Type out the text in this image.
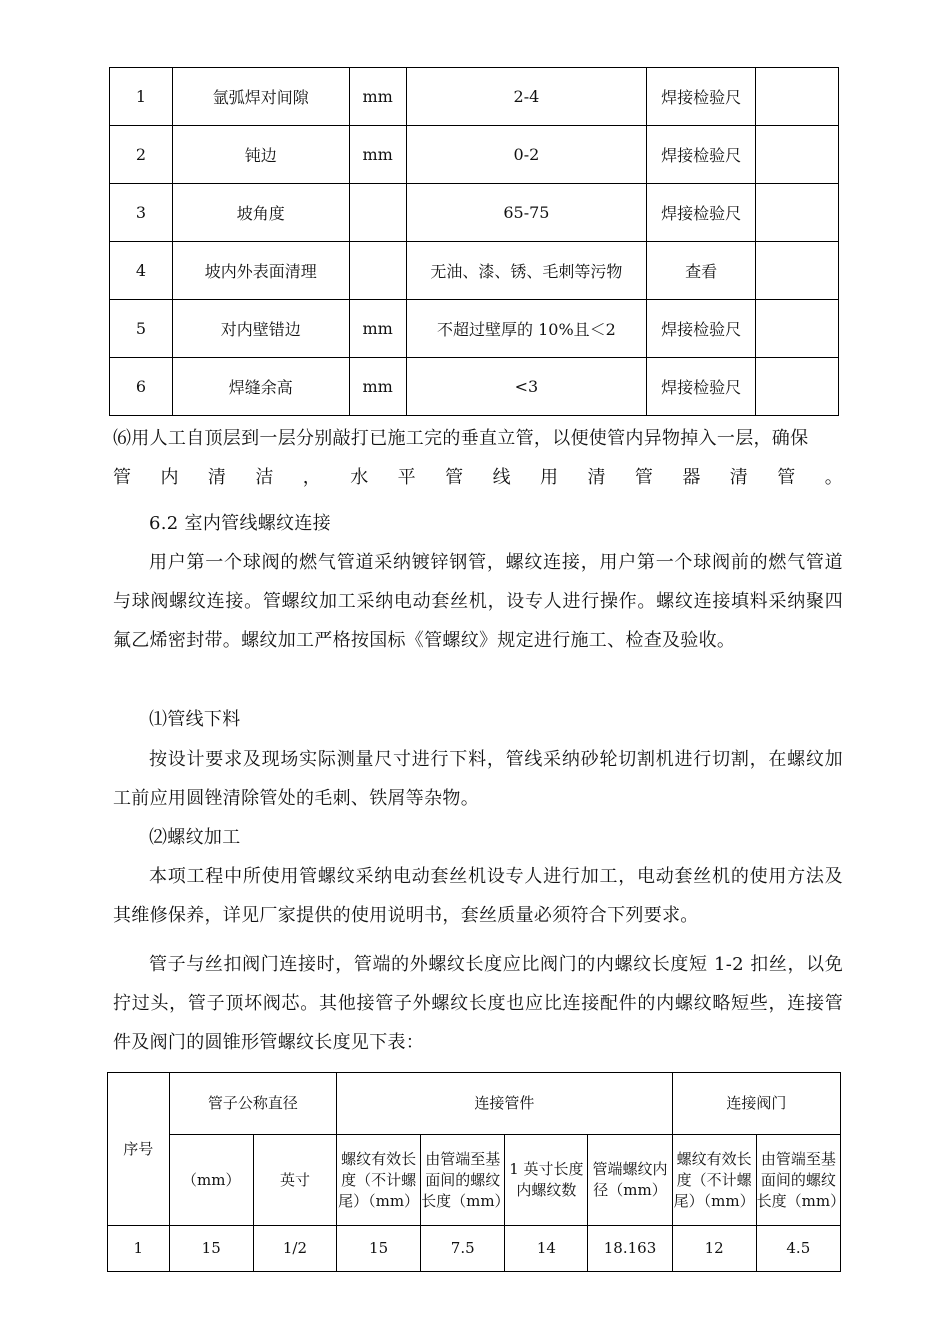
1	氩弧焊对间隙	mm	2-4	焊接检验尺	
2	钝边	mm	0-2	焊接检验尺	
3	坡角度		65-75	焊接检验尺	
4	坡内外表面清理		无油、漆、锈、毛刺等污物	查看	
5	对内壁错边	mm	不超过壁厚的 10%且＜2	焊接检验尺	
6	焊缝余高	mm	<3	焊接检验尺	

⑹用人工自顶层到一层分别敲打已施工完的垂直立管，以便使管内异物掉入一层，确保
管 内 清 洁 ， 水 平 管 线 用 清 管 器 清 管 。

6.2 室内管线螺纹连接

用户第一个球阀的燃气管道采纳镀锌钢管，螺纹连接，用户第一个球阀前的燃气管道与球阀螺纹连接。管螺纹加工采纳电动套丝机，设专人进行操作。螺纹连接填料采纳聚四氟乙烯密封带。螺纹加工严格按国标《管螺纹》规定进行施工、检查及验收。

⑴管线下料

按设计要求及现场实际测量尺寸进行下料，管线采纳砂轮切割机进行切割，在螺纹加工前应用圆锉清除管处的毛刺、铁屑等杂物。

⑵螺纹加工

本项工程中所使用管螺纹采纳电动套丝机设专人进行加工，电动套丝机的使用方法及其维修保养，详见厂家提供的使用说明书，套丝质量必须符合下列要求。

管子与丝扣阀门连接时，管端的外螺纹长度应比阀门的内螺纹长度短 1-2 扣丝，以免拧过头，管子顶坏阀芯。其他接管子外螺纹长度也应比连接配件的内螺纹略短些，连接管件及阀门的圆锥形管螺纹长度见下表：

序号	管子公称直径		连接管件				连接阀门	
	（mm）	英寸	螺纹有效长度（不计螺尾）（mm）	由管端至基面间的螺纹长度（mm）	1 英寸长度内螺纹数	管端螺纹内径（mm）	螺纹有效长度（不计螺尾）（mm）	由管端至基面间的螺纹长度（mm）
1	15	1/2	15	7.5	14	18.163	12	4.5
